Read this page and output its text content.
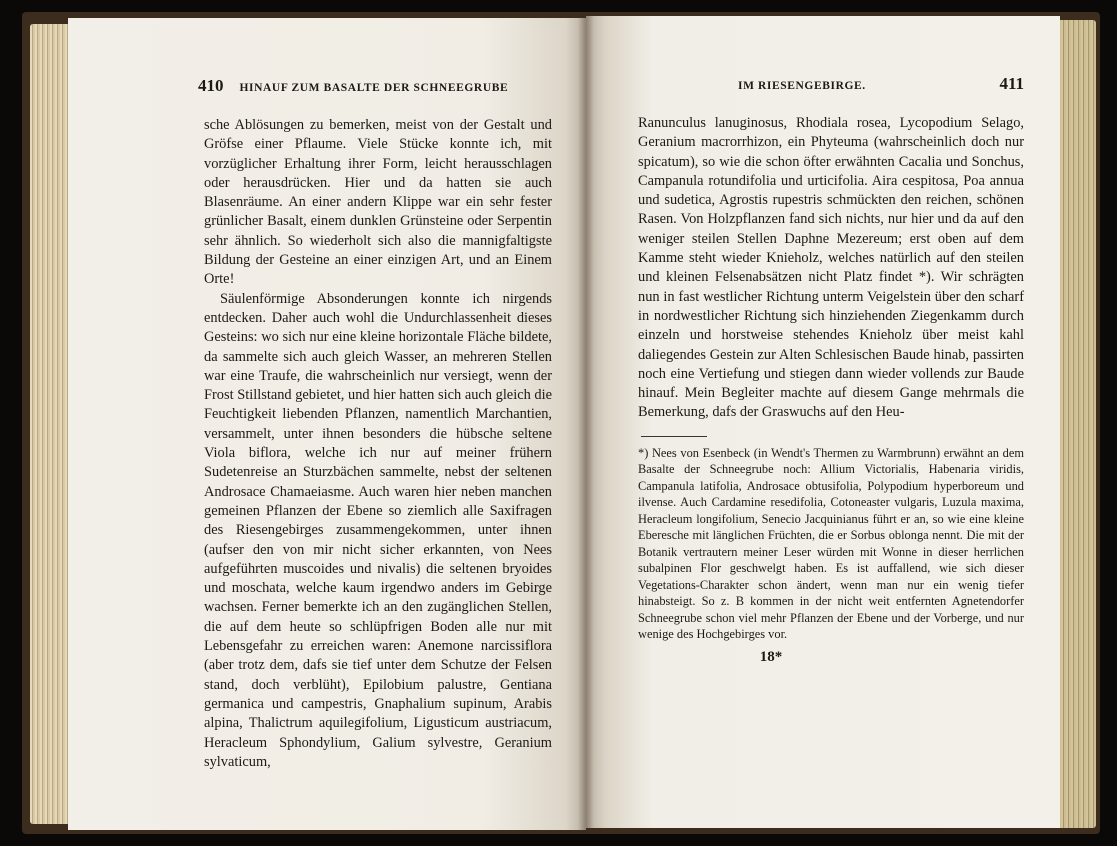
410 HINAUF ZUM BASALTE DER SCHNEEGRUBE

sche Ablösungen zu bemerken, meist von der Gestalt und Gröfse einer Pflaume. Viele Stücke konnte ich, mit vorzüglicher Erhaltung ihrer Form, leicht herausschlagen oder herausdrücken. Hier und da hatten sie auch Blasenräume. An einer andern Klippe war ein sehr fester grünlicher Basalt, einem dunklen Grünsteine oder Serpentin sehr ähnlich. So wiederholt sich also die mannigfaltigste Bildung der Gesteine an einer einzigen Art, und an Einem Orte!

Säulenförmige Absonderungen konnte ich nirgends entdecken. Daher auch wohl die Undurchlassenheit dieses Gesteins: wo sich nur eine kleine horizontale Fläche bildete, da sammelte sich auch gleich Wasser, an mehreren Stellen war eine Traufe, die wahrscheinlich nur versiegt, wenn der Frost Stillstand gebietet, und hier hatten sich auch gleich die Feuchtigkeit liebenden Pflanzen, namentlich Marchantien, versammelt, unter ihnen besonders die hübsche seltene Viola biflora, welche ich nur auf meiner frühern Sudetenreise an Sturzbächen sammelte, nebst der seltenen Androsace Chamaeiasme. Auch waren hier neben manchen gemeinen Pflanzen der Ebene so ziemlich alle Saxifragen des Riesengebirges zusammengekommen, unter ihnen (aufser den von mir nicht sicher erkannten, von Nees aufgeführten muscoides und nivalis) die seltenen bryoides und moschata, welche kaum irgendwo anders im Gebirge wachsen. Ferner bemerkte ich an den zugänglichen Stellen, die auf dem heute so schlüpfrigen Boden alle nur mit Lebensgefahr zu erreichen waren: Anemone narcissiflora (aber trotz dem, dafs sie tief unter dem Schutze der Felsen stand, doch verblüht), Epilobium palustre, Gentiana germanica und campestris, Gnaphalium supinum, Arabis alpina, Thalictrum aquilegifolium, Ligusticum austriacum, Heracleum Sphondylium, Galium sylvestre, Geranium sylvaticum,

IM RIESENGEBIRGE.	411

Ranunculus lanuginosus, Rhodiala rosea, Lycopodium Selago, Geranium macrorrhizon, ein Phyteuma (wahrscheinlich doch nur spicatum), so wie die schon öfter erwähnten Cacalia und Sonchus, Campanula rotundifolia und urticifolia. Aira cespitosa, Poa annua und sudetica, Agrostis rupestris schmückten den reichen, schönen Rasen. Von Holzpflanzen fand sich nichts, nur hier und da auf den weniger steilen Stellen Daphne Mezereum; erst oben auf dem Kamme steht wieder Knieholz, welches natürlich auf den steilen und kleinen Felsenabsätzen nicht Platz findet *). Wir schrägten nun in fast westlicher Richtung unterm Veigelstein über den scharf in nordwestlicher Richtung sich hinziehenden Ziegenkamm durch einzeln und horstweise stehendes Knieholz über meist kahl daliegendes Gestein zur Alten Schlesischen Baude hinab, passirten noch eine Vertiefung und stiegen dann wieder vollends zur Baude hinauf. Mein Begleiter machte auf diesem Gange mehrmals die Bemerkung, dafs der Graswuchs auf den Heu-

*) Nees von Esenbeck (in Wendt's Thermen zu Warmbrunn) erwähnt an dem Basalte der Schneegrube noch: Allium Victorialis, Habenaria viridis, Campanula latifolia, Androsace obtusifolia, Polypodium hyperboreum und ilvense. Auch Cardamine resedifolia, Cotoneaster vulgaris, Luzula maxima, Heracleum longifolium, Senecio Jacquinianus führt er an, so wie eine kleine Eberesche mit länglichen Früchten, die er Sorbus oblonga nennt. Die mit der Botanik vertrautern meiner Leser würden mit Wonne in dieser herrlichen subalpinen Flor geschwelgt haben. Es ist auffallend, wie sich dieser Vegetations-Charakter schon ändert, wenn man nur ein wenig tiefer hinabsteigt. So z. B kommen in der nicht weit entfernten Agnetendorfer Schneegrube schon viel mehr Pflanzen der Ebene und der Vorberge, und nur wenige des Hochgebirges vor.
18*
